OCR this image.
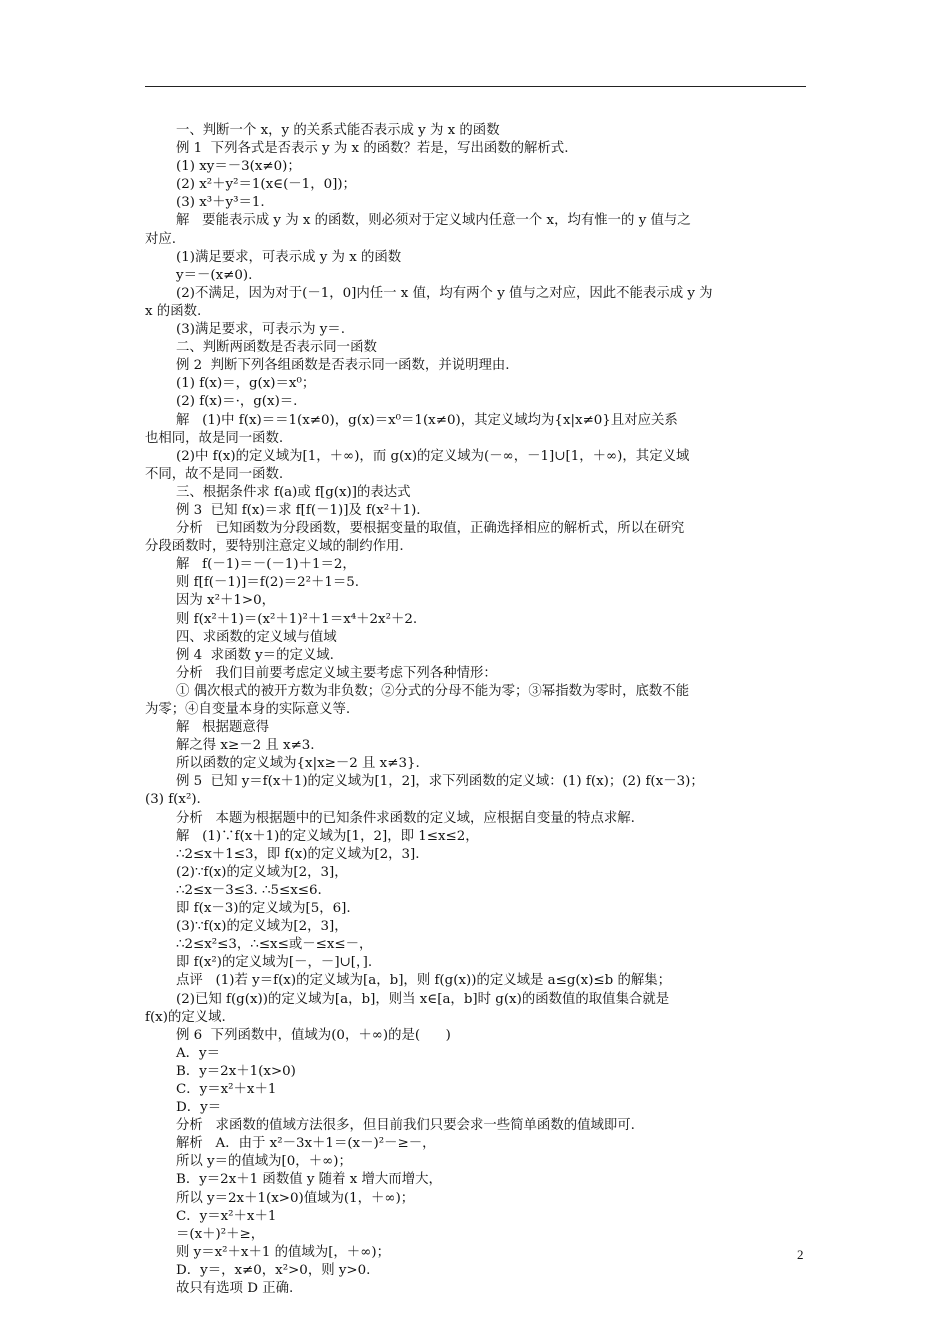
一、判断一个 x，y 的关系式能否表示成 y 为 x 的函数
例 1  下列各式是否表示 y 为 x 的函数？若是，写出函数的解析式.
(1) xy＝－3(x≠0)；
(2) x²＋y²＝1(x∈(－1，0])；
(3) x³＋y³＝1.
解   要能表示成 y 为 x 的函数，则必须对于定义域内任意一个 x，均有惟一的 y 值与之
对应.
(1)满足要求，可表示成 y 为 x 的函数
y＝－(x≠0).
(2)不满足，因为对于(－1，0]内任一 x 值，均有两个 y 值与之对应，因此不能表示成 y 为
x 的函数.
(3)满足要求，可表示为 y＝.
二、判断两函数是否表示同一函数
例 2  判断下列各组函数是否表示同一函数，并说明理由.
(1) f(x)＝，g(x)＝x⁰；
(2) f(x)＝·，g(x)＝.
解   (1)中 f(x)＝＝1(x≠0)，g(x)＝x⁰＝1(x≠0)，其定义域均为{x|x≠0}且对应关系
也相同，故是同一函数.
(2)中 f(x)的定义域为[1，＋∞)，而 g(x)的定义域为(－∞，－1]∪[1，＋∞)，其定义域
不同，故不是同一函数.
三、根据条件求 f(a)或 f[g(x)]的表达式
例 3  已知 f(x)＝求 f[f(－1)]及 f(x²＋1).
分析   已知函数为分段函数，要根据变量的取值，正确选择相应的解析式，所以在研究
分段函数时，要特别注意定义域的制约作用.
解   f(－1)＝－(－1)＋1＝2，
则 f[f(－1)]＝f(2)＝2²＋1＝5.
因为 x²＋1>0，
则 f(x²＋1)＝(x²＋1)²＋1＝x⁴＋2x²＋2.
四、求函数的定义域与值域
例 4  求函数 y＝的定义域.
分析   我们目前要考虑定义域主要考虑下列各种情形：
① 偶次根式的被开方数为非负数；②分式的分母不能为零；③幂指数为零时，底数不能
为零；④自变量本身的实际意义等.
解   根据题意得
解之得 x≥－2 且 x≠3.
所以函数的定义域为{x|x≥－2 且 x≠3}.
例 5  已知 y＝f(x＋1)的定义域为[1，2]，求下列函数的定义域：(1) f(x)；(2) f(x－3)；
(3) f(x²).
分析   本题为根据题中的已知条件求函数的定义域，应根据自变量的特点求解.
解   (1)∵f(x＋1)的定义域为[1，2]，即 1≤x≤2，
∴2≤x＋1≤3，即 f(x)的定义域为[2，3].
(2)∵f(x)的定义域为[2，3]，
∴2≤x－3≤3. ∴5≤x≤6.
即 f(x－3)的定义域为[5，6].
(3)∵f(x)的定义域为[2，3]，
∴2≤x²≤3，∴≤x≤或－≤x≤－，
即 f(x²)的定义域为[－，－]∪[，].
点评   (1)若 y＝f(x)的定义域为[a，b]，则 f(g(x))的定义域是 a≤g(x)≤b 的解集；
(2)已知 f(g(x))的定义域为[a，b]，则当 x∈[a，b]时 g(x)的函数值的取值集合就是
f(x)的定义域.
例 6  下列函数中，值域为(0，＋∞)的是(      )
A．y＝
B．y＝2x＋1(x>0)
C．y＝x²＋x＋1
D．y＝
分析   求函数的值域方法很多，但目前我们只要会求一些简单函数的值域即可.
解析   A．由于 x²－3x＋1＝(x－)²－≥－，
所以 y＝的值域为[0，＋∞)；
B．y＝2x＋1 函数值 y 随着 x 增大而增大，
所以 y＝2x＋1(x>0)值域为(1，＋∞)；
C．y＝x²＋x＋1
＝(x＋)²＋≥，
则 y＝x²＋x＋1 的值域为[，＋∞)；
D．y＝，x≠0，x²>0，则 y>0.
故只有选项 D 正确.
2
